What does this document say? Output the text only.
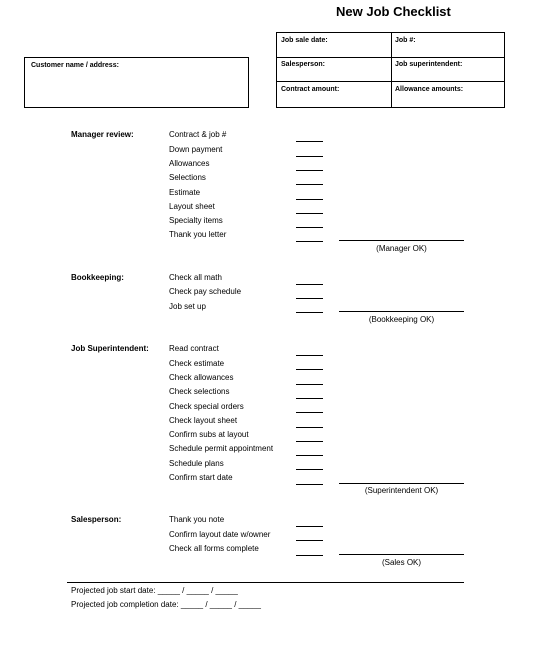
New Job Checklist
Job sale date:	Job #:
Salesperson:	Job superintendent:
Contract amount:	Allowance amounts:
Customer name / address:
Manager review:	Contract & job #
Down payment
Allowances
Selections
Estimate
Layout sheet
Specialty items
Thank you letter
(Manager OK)
Bookkeeping:	Check all math
Check pay schedule
Job set up
(Bookkeeping OK)
Job Superintendent:	Read contract
Check estimate
Check allowances
Check selections
Check special orders
Check layout sheet
Confirm subs at layout
Schedule permit appointment
Schedule plans
Confirm start date
(Superintendent OK)
Salesperson:	Thank you note
Confirm layout date w/owner
Check all forms complete
(Sales OK)
Projected job start date: _____ / _____ / _____
Projected job completion date: _____ / _____ / _____
